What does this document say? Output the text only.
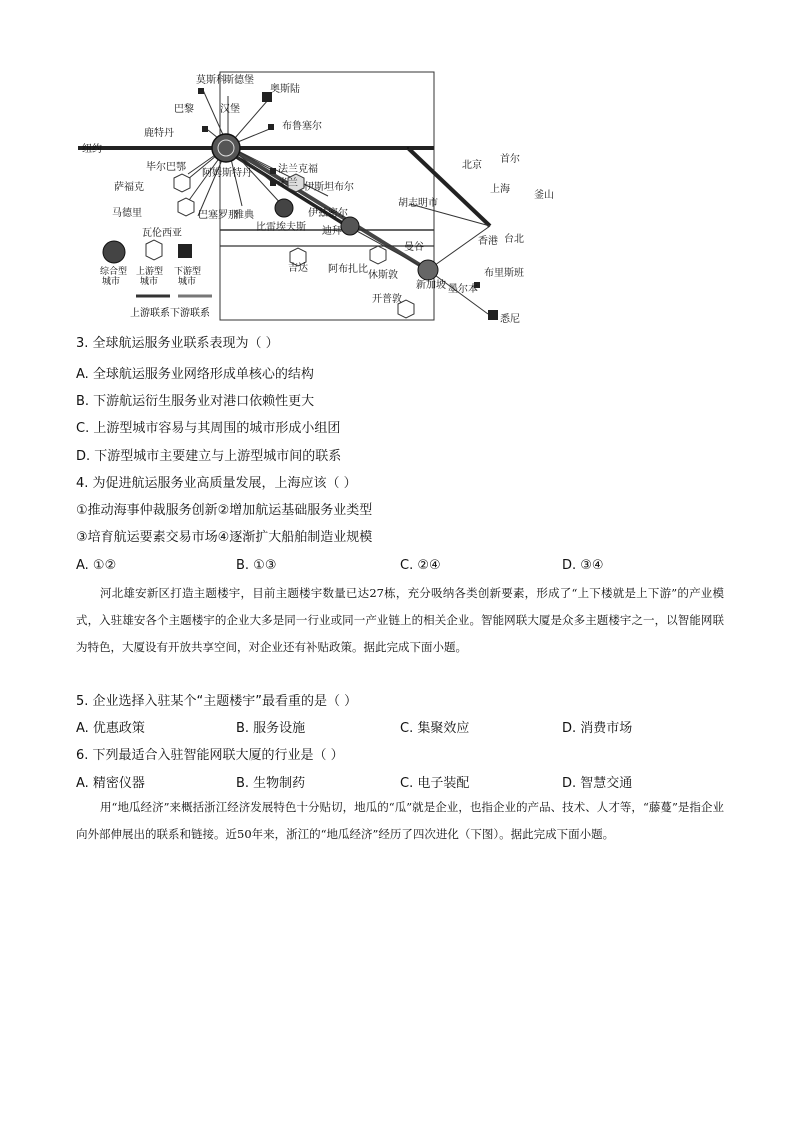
莫斯科
斯德堡
奥斯陆
巴黎
布鲁塞尔
鹿特丹
纽约
汉堡
法兰克福
米兰 伊斯坦布尔
毕尔巴鄂
萨福克
阿姆斯特丹
马德里	巴塞罗那
瓦伦西亚
雅典
比雷埃夫斯
伊兹密尔
胡志明市
迪拜
曼谷
北京
首尔
釜山
上海
香港 台北
吉达 阿布扎比
休斯敦
新加坡
开普敦
墨尔本
布里斯班
悉尼
综合型
城市
上游型
城市
下游型
城市
上游联系下游联系
3. 全球航运服务业联系表现为（ ）
A. 全球航运服务业网络形成单核心的结构
B. 下游航运衍生服务业对港口依赖性更大
C. 上游型城市容易与其周围的城市形成小组团
D. 下游型城市主要建立与上游型城市间的联系
4. 为促进航运服务业高质量发展，上海应该（ ）
①推动海事仲裁服务创新②增加航运基础服务业类型
③培育航运要素交易市场④逐渐扩大船舶制造业规模
A. ①②	B. ①③	C. ②④	D. ③④
河北雄安新区打造主题楼宇，目前主题楼宇数量已达27栋，充分吸纳各类创新要素，形成了“上下楼就是上下游”的产业模式，入驻雄安各个主题楼宇的企业大多是同一行业或同一产业链上的相关企业。智能网联大厦是众多主题楼宇之一，以智能网联为特色，大厦设有开放共享空间，对企业还有补贴政策。据此完成下面小题。
5. 企业选择入驻某个“主题楼宇”最看重的是（ ）
A. 优惠政策	B. 服务设施	C. 集聚效应	D. 消费市场
6. 下列最适合入驻智能网联大厦的行业是（ ）
A. 精密仪器	B. 生物制药	C. 电子装配	D. 智慧交通
用“地瓜经济”来概括浙江经济发展特色十分贴切，地瓜的“瓜”就是企业，也指企业的产品、技术、人才等，“藤蔓”是指企业向外部伸展出的联系和链接。近50年来，浙江的“地瓜经济”经历了四次进化（下图）。据此完成下面小题。
